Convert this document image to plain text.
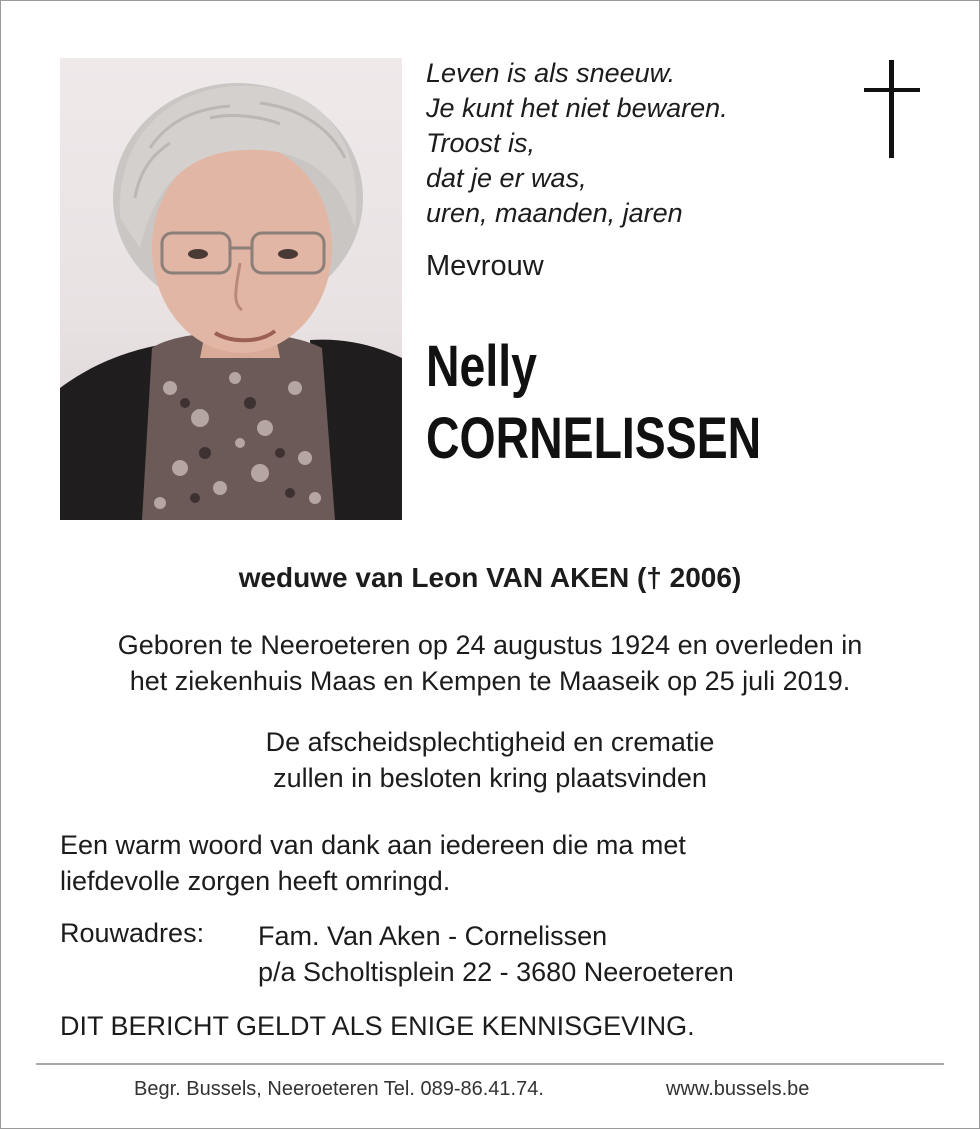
Leven is als sneeuw.
Je kunt het niet bewaren.
Troost is,
dat je er was,
uren, maanden, jaren
Mevrouw
Nelly
CORNELISSEN
weduwe van Leon VAN AKEN († 2006)
Geboren te Neeroeteren op 24 augustus 1924 en overleden in
het ziekenhuis Maas en Kempen te Maaseik op 25 juli 2019.
De afscheidsplechtigheid en crematie
zullen in besloten kring plaatsvinden
Een warm woord van dank aan iedereen die ma met
liefdevolle zorgen heeft omringd.
Rouwadres: Fam. Van Aken - Cornelissen
p/a Scholtisplein 22 - 3680 Neeroeteren
DIT BERICHT GELDT ALS ENIGE KENNISGEVING.
Begr. Bussels, Neeroeteren Tel. 089-86.41.74.	www.bussels.be
